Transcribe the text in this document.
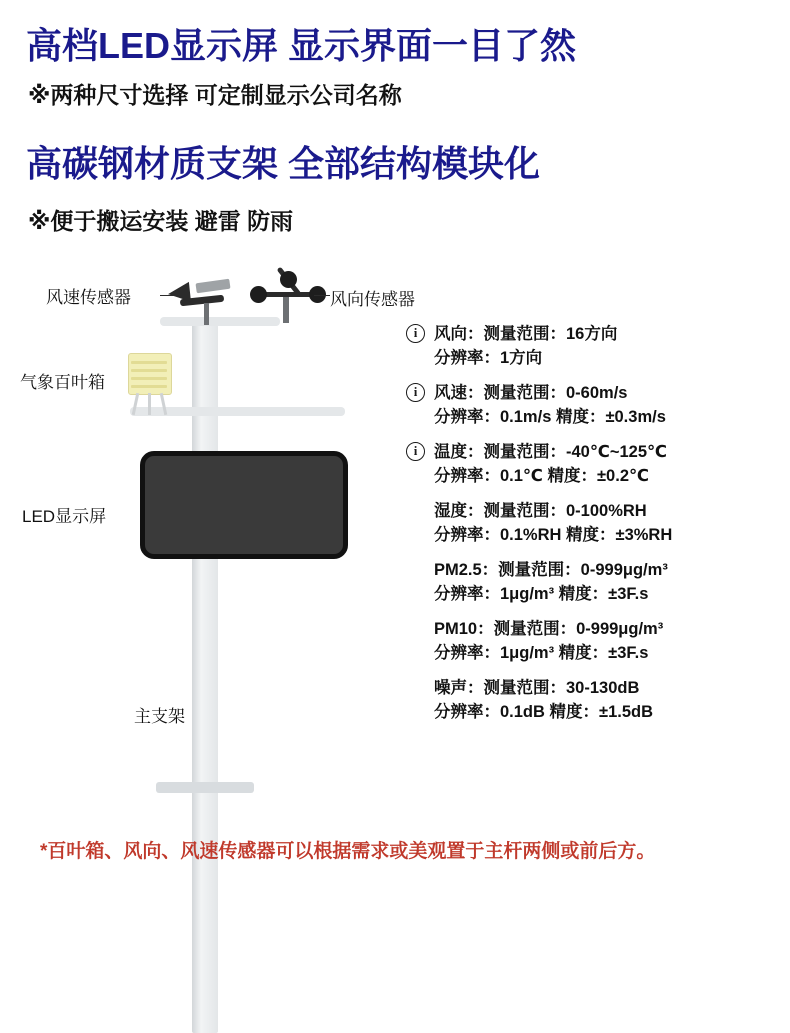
高档LED显示屏 显示界面一目了然
※两种尺寸选择 可定制显示公司名称
高碳钢材质支架 全部结构模块化
※便于搬运安装 避雷 防雨
风速传感器	风向传感器
气象百叶箱
LED显示屏
主支架
i	风向：测量范围：16方向
分辨率：1方向
i	风速：测量范围：0-60m/s
分辨率：0.1m/s 精度：±0.3m/s
i	温度：测量范围：-40℃~125℃
分辨率：0.1℃ 精度：±0.2℃
湿度：测量范围：0-100%RH
分辨率：0.1%RH 精度：±3%RH
PM2.5：测量范围：0-999μg/m³
分辨率：1μg/m³ 精度：±3F.s
PM10：测量范围：0-999μg/m³
分辨率：1μg/m³ 精度：±3F.s
噪声：测量范围：30-130dB
分辨率：0.1dB 精度：±1.5dB
*百叶箱、风向、风速传感器可以根据需求或美观置于主杆两侧或前后方。
